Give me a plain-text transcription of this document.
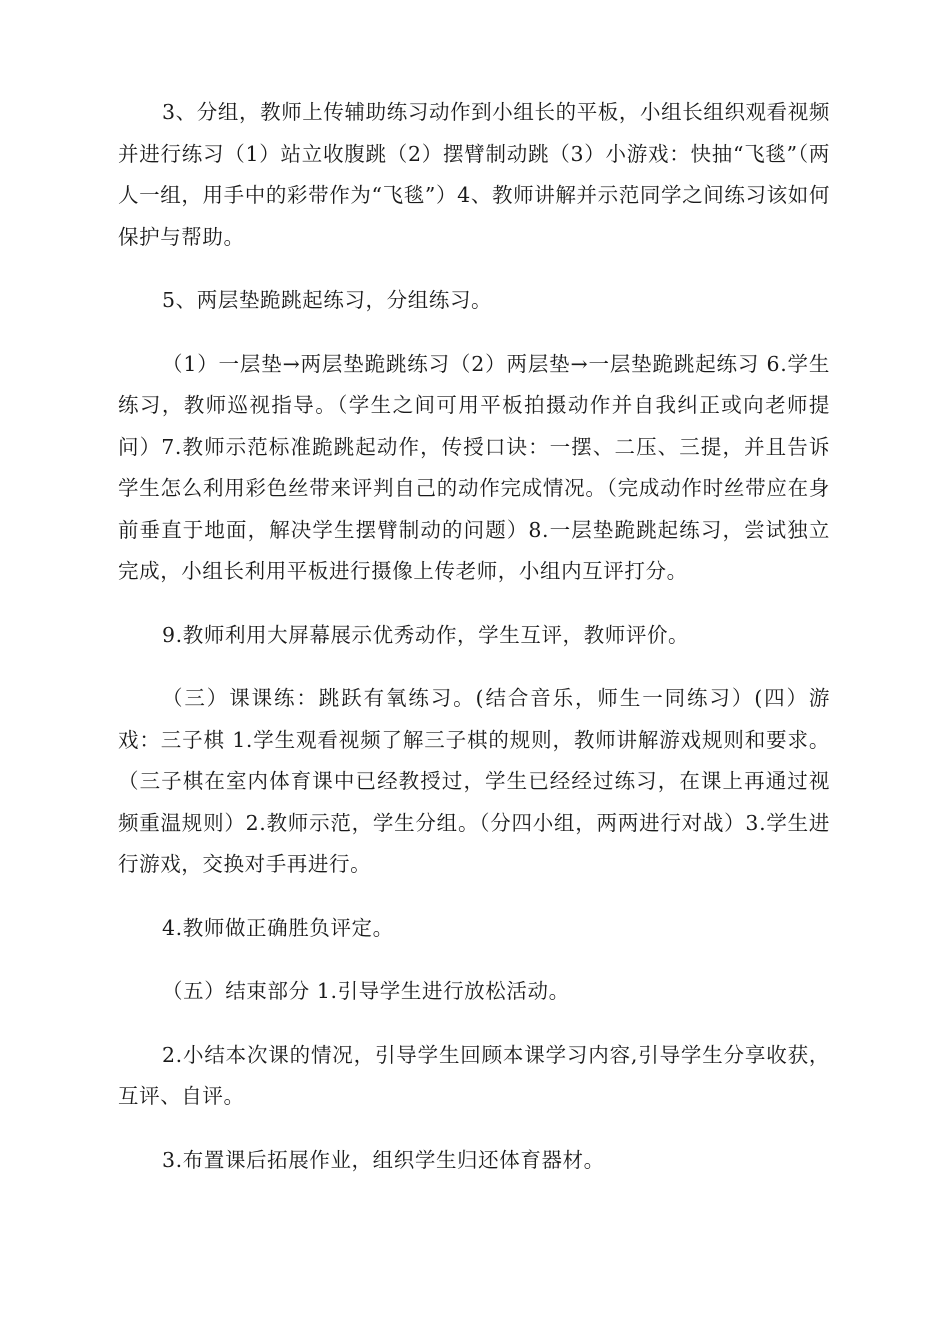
3、分组，教师上传辅助练习动作到小组长的平板，小组长组织观看视频并进行练习（1）站立收腹跳（2）摆臂制动跳（3）小游戏：快抽“飞毯”（两人一组，用手中的彩带作为“飞毯”）4、教师讲解并示范同学之间练习该如何保护与帮助。

5、两层垫跪跳起练习，分组练习。

（1）一层垫→两层垫跪跳练习（2）两层垫→一层垫跪跳起练习 6.学生练习，教师巡视指导。（学生之间可用平板拍摄动作并自我纠正或向老师提问）7.教师示范标准跪跳起动作，传授口诀：一摆、二压、三提，并且告诉学生怎么利用彩色丝带来评判自己的动作完成情况。（完成动作时丝带应在身前垂直于地面，解决学生摆臂制动的问题）8.一层垫跪跳起练习，尝试独立完成，小组长利用平板进行摄像上传老师，小组内互评打分。

9.教师利用大屏幕展示优秀动作，学生互评，教师评价。

（三）课课练：跳跃有氧练习。(结合音乐，师生一同练习）(四）游戏：三子棋 1.学生观看视频了解三子棋的规则，教师讲解游戏规则和要求。（三子棋在室内体育课中已经教授过，学生已经经过练习，在课上再通过视频重温规则）2.教师示范，学生分组。（分四小组，两两进行对战）3.学生进行游戏，交换对手再进行。

4.教师做正确胜负评定。

（五）结束部分 1.引导学生进行放松活动。

2.小结本次课的情况，引导学生回顾本课学习内容,引导学生分享收获，互评、自评。

3.布置课后拓展作业，组织学生归还体育器材。
